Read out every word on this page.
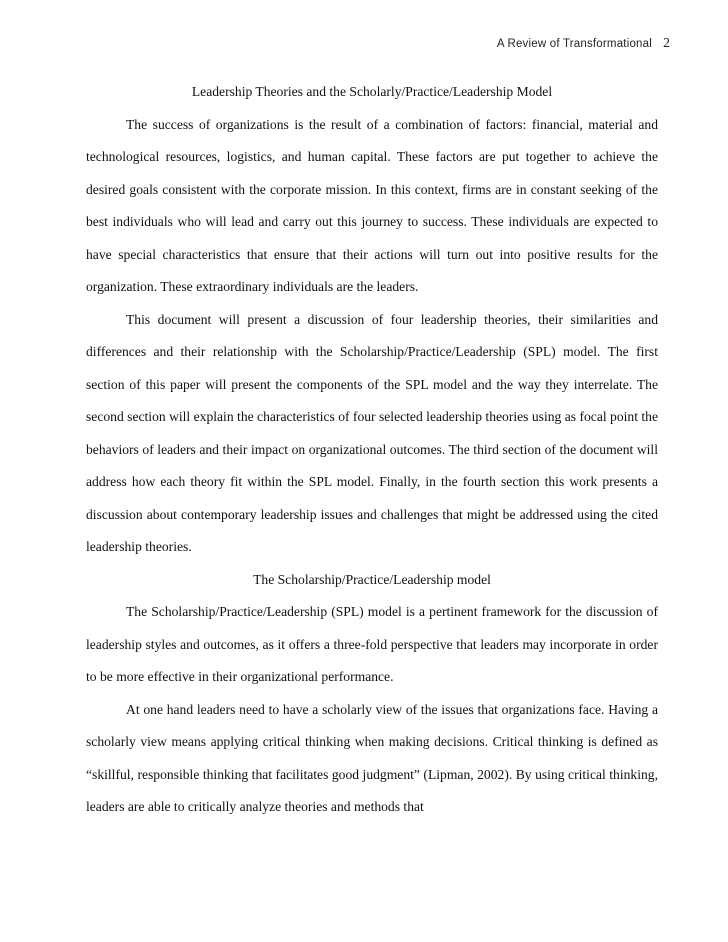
A Review of Transformational 2

Leadership Theories and the Scholarly/Practice/Leadership Model

The success of organizations is the result of a combination of factors: financial, material and technological resources, logistics, and human capital. These factors are put together to achieve the desired goals consistent with the corporate mission. In this context, firms are in constant seeking of the best individuals who will lead and carry out this journey to success. These individuals are expected to have special characteristics that ensure that their actions will turn out into positive results for the organization. These extraordinary individuals are the leaders.

This document will present a discussion of four leadership theories, their similarities and differences and their relationship with the Scholarship/Practice/Leadership (SPL) model. The first section of this paper will present the components of the SPL model and the way they interrelate. The second section will explain the characteristics of four selected leadership theories using as focal point the behaviors of leaders and their impact on organizational outcomes. The third section of the document will address how each theory fit within the SPL model. Finally, in the fourth section this work presents a discussion about contemporary leadership issues and challenges that might be addressed using the cited leadership theories.

The Scholarship/Practice/Leadership model

The Scholarship/Practice/Leadership (SPL) model is a pertinent framework for the discussion of leadership styles and outcomes, as it offers a three-fold perspective that leaders may incorporate in order to be more effective in their organizational performance.

At one hand leaders need to have a scholarly view of the issues that organizations face. Having a scholarly view means applying critical thinking when making decisions. Critical thinking is defined as “skillful, responsible thinking that facilitates good judgment” (Lipman, 2002). By using critical thinking, leaders are able to critically analyze theories and methods that
